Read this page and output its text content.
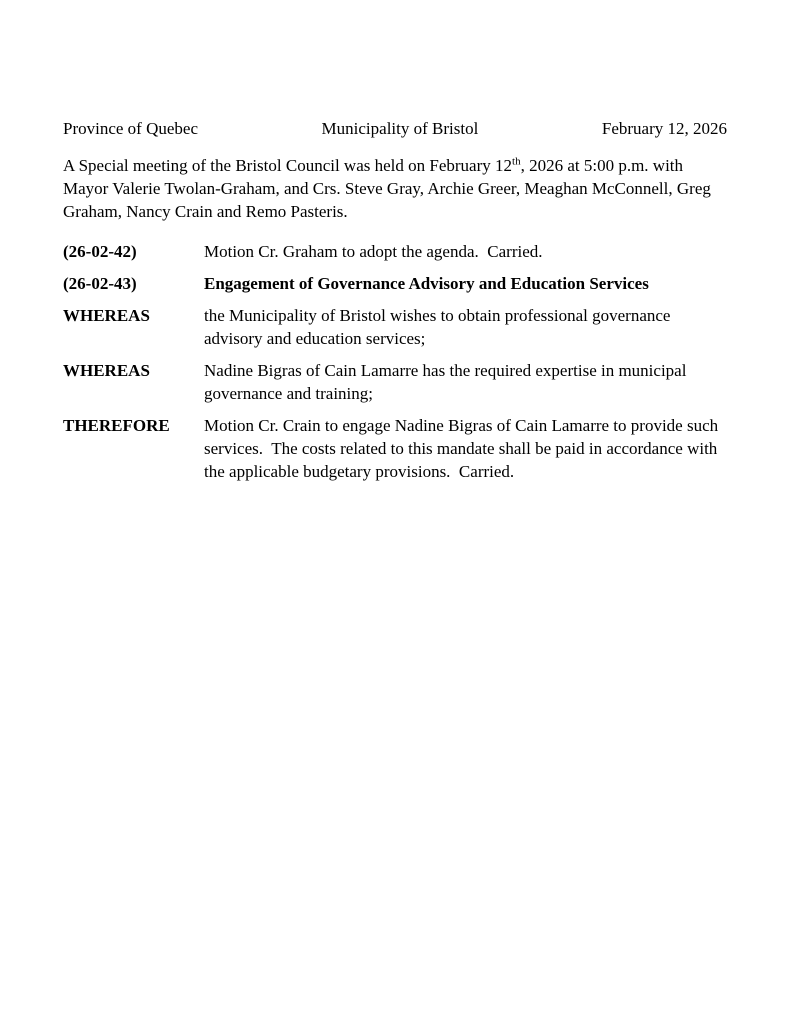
Province of Quebec	Municipality of Bristol	February 12, 2026

A Special meeting of the Bristol Council was held on February 12th, 2026 at 5:00 p.m. with Mayor Valerie Twolan-Graham, and Crs. Steve Gray, Archie Greer, Meaghan McConnell, Greg Graham, Nancy Crain and Remo Pasteris.

(26-02-42)	Motion Cr. Graham to adopt the agenda.  Carried.
(26-02-43)	Engagement of Governance Advisory and Education Services
WHEREAS	the Municipality of Bristol wishes to obtain professional governance advisory and education services;
WHEREAS	Nadine Bigras of Cain Lamarre has the required expertise in municipal governance and training;
THEREFORE	Motion Cr. Crain to engage Nadine Bigras of Cain Lamarre to provide such services.  The costs related to this mandate shall be paid in accordance with the applicable budgetary provisions.  Carried.
